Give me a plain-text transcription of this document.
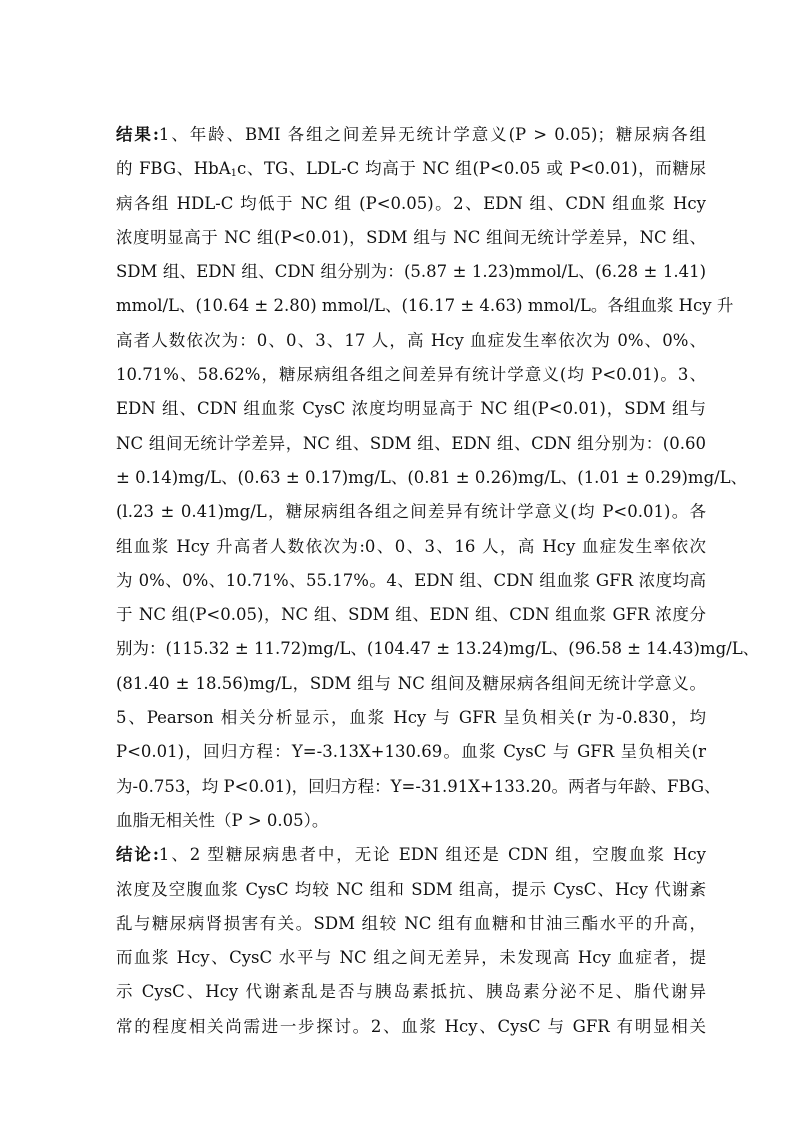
结果:1、年龄、BMI 各组之间差异无统计学意义(P > 0.05)；糖尿病各组
的 FBG、HbA$_1$c、TG、LDL-C 均高于 NC 组(P<0.05 或 P<0.01)，而糖尿
病各组 HDL-C 均低于 NC 组 (P<0.05)。2、EDN 组、CDN 组血浆 Hcy
浓度明显高于 NC 组(P<0.01)，SDM 组与 NC 组间无统计学差异，NC 组、
SDM 组、EDN 组、CDN 组分别为：(5.87 ± 1.23)mmol/L、(6.28 ± 1.41)
mmol/L、(10.64 ± 2.80) mmol/L、(16.17 ± 4.63) mmol/L。各组血浆 Hcy 升
高者人数依次为：0、0、3、17 人，高 Hcy 血症发生率依次为 0%、0%、
10.71%、58.62%，糖尿病组各组之间差异有统计学意义(均 P<0.01)。3、
EDN 组、CDN 组血浆 CysC 浓度均明显高于 NC 组(P<0.01)，SDM 组与
NC 组间无统计学差异，NC 组、SDM 组、EDN 组、CDN 组分别为：(0.60
± 0.14)mg/L、(0.63 ± 0.17)mg/L、(0.81 ± 0.26)mg/L、(1.01 ± 0.29)mg/L、
(l.23 ± 0.41)mg/L，糖尿病组各组之间差异有统计学意义(均 P<0.01)。各
组血浆 Hcy 升高者人数依次为:0、0、3、16 人，高 Hcy 血症发生率依次
为 0%、0%、10.71%、55.17%。4、EDN 组、CDN 组血浆 GFR 浓度均高
于 NC 组(P<0.05)，NC 组、SDM 组、EDN 组、CDN 组血浆 GFR 浓度分
别为：(115.32 ± 11.72)mg/L、(104.47 ± 13.24)mg/L、(96.58 ± 14.43)mg/L、
(81.40 ± 18.56)mg/L，SDM 组与 NC 组间及糖尿病各组间无统计学意义。
5、Pearson 相关分析显示，血浆 Hcy 与 GFR 呈负相关(r 为-0.830，均
P<0.01)，回归方程：Y=-3.13X+130.69。血浆 CysC 与 GFR 呈负相关(r
为-0.753，均 P<0.01)，回归方程：Y=-31.91X+133.20。两者与年龄、FBG、
血脂无相关性（P > 0.05）。
结论:1、2 型糖尿病患者中，无论 EDN 组还是 CDN 组，空腹血浆 Hcy
浓度及空腹血浆 CysC 均较 NC 组和 SDM 组高，提示 CysC、Hcy 代谢紊
乱与糖尿病肾损害有关。SDM 组较 NC 组有血糖和甘油三酯水平的升高，
而血浆 Hcy、CysC 水平与 NC 组之间无差异，未发现高 Hcy 血症者，提
示 CysC、Hcy 代谢紊乱是否与胰岛素抵抗、胰岛素分泌不足、脂代谢异
常的程度相关尚需进一步探讨。2、血浆 Hcy、CysC 与 GFR 有明显相关
